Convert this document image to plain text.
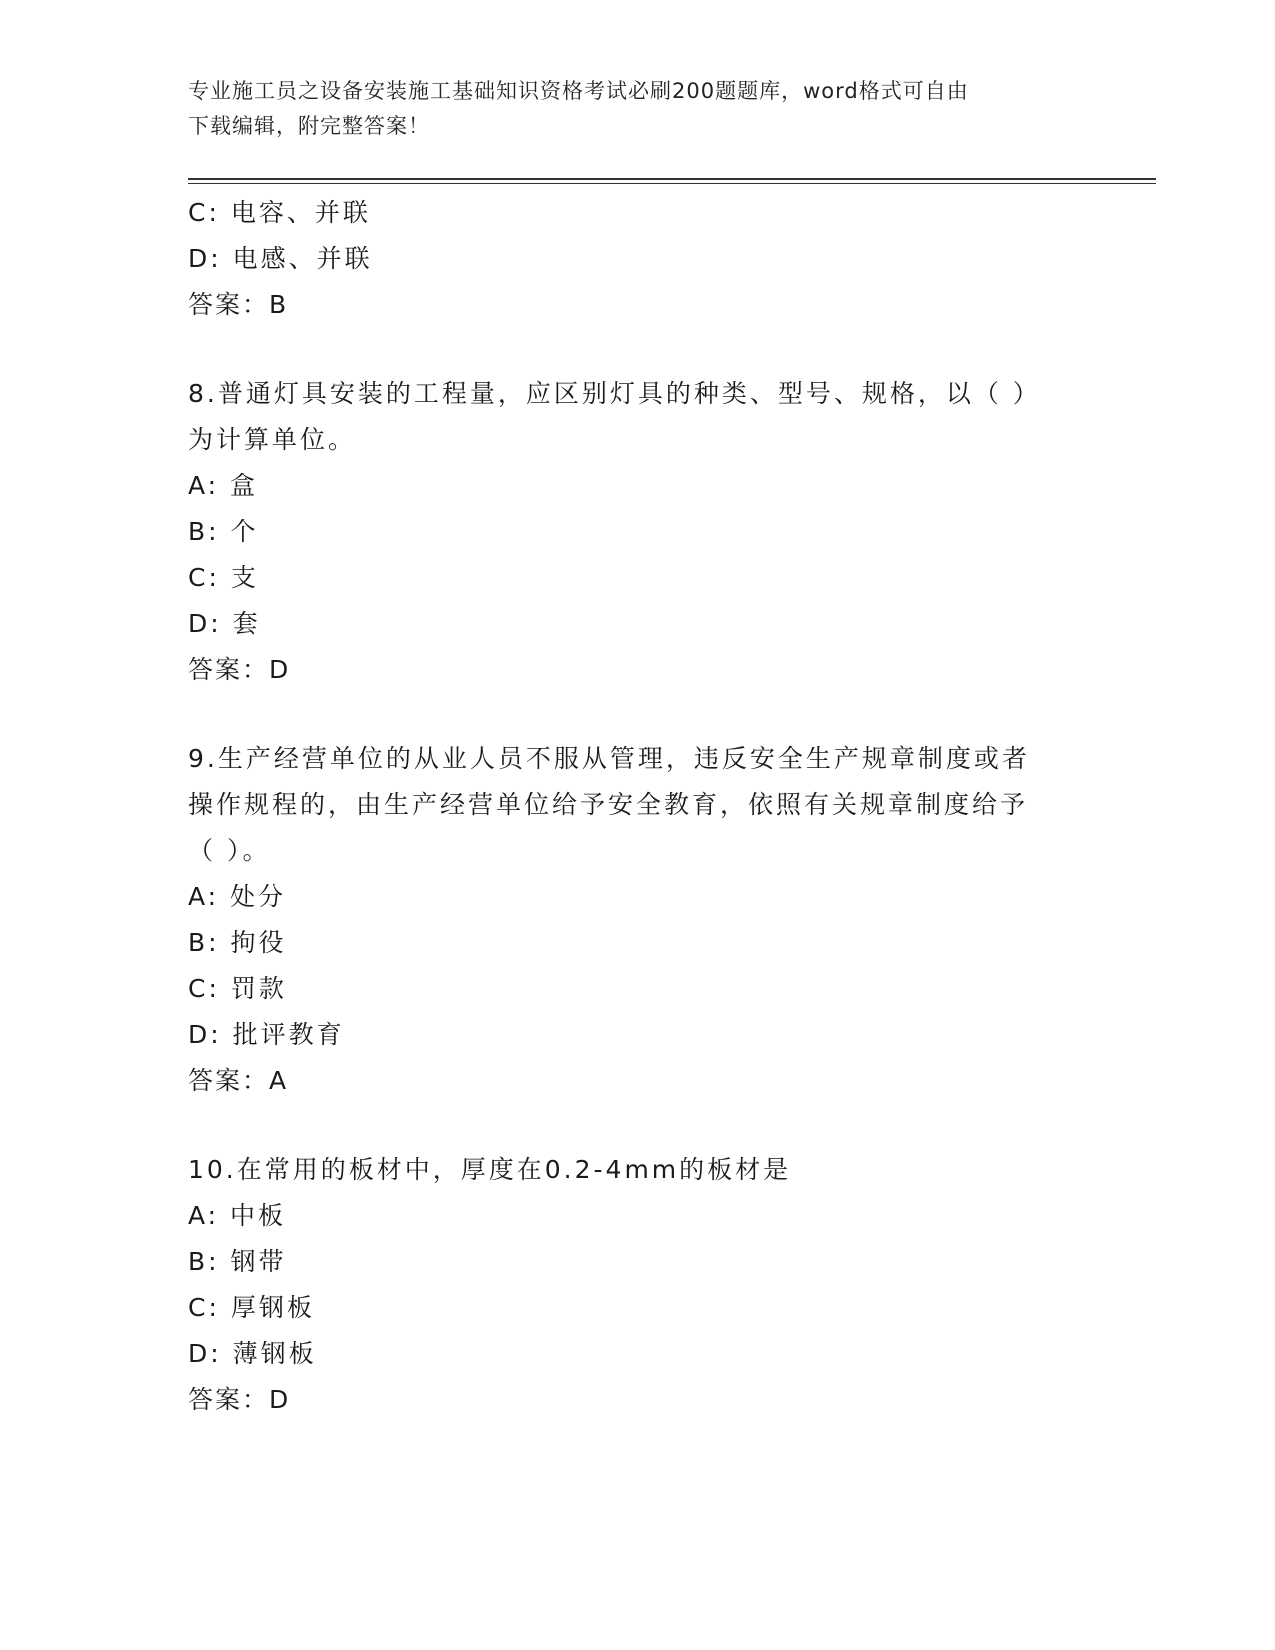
专业施工员之设备安装施工基础知识资格考试必刷200题题库，word格式可自由
下载编辑，附完整答案！
C: 电容、并联
D: 电感、并联
答案：B
8.普通灯具安装的工程量，应区别灯具的种类、型号、规格，以（ ）
为计算单位。
A: 盒
B: 个
C: 支
D: 套
答案：D
9.生产经营单位的从业人员不服从管理，违反安全生产规章制度或者
操作规程的，由生产经营单位给予安全教育，依照有关规章制度给予
（ ）。
A: 处分
B: 拘役
C: 罚款
D: 批评教育
答案：A
10.在常用的板材中，厚度在0.2-4mm的板材是
A: 中板
B: 钢带
C: 厚钢板
D: 薄钢板
答案：D
